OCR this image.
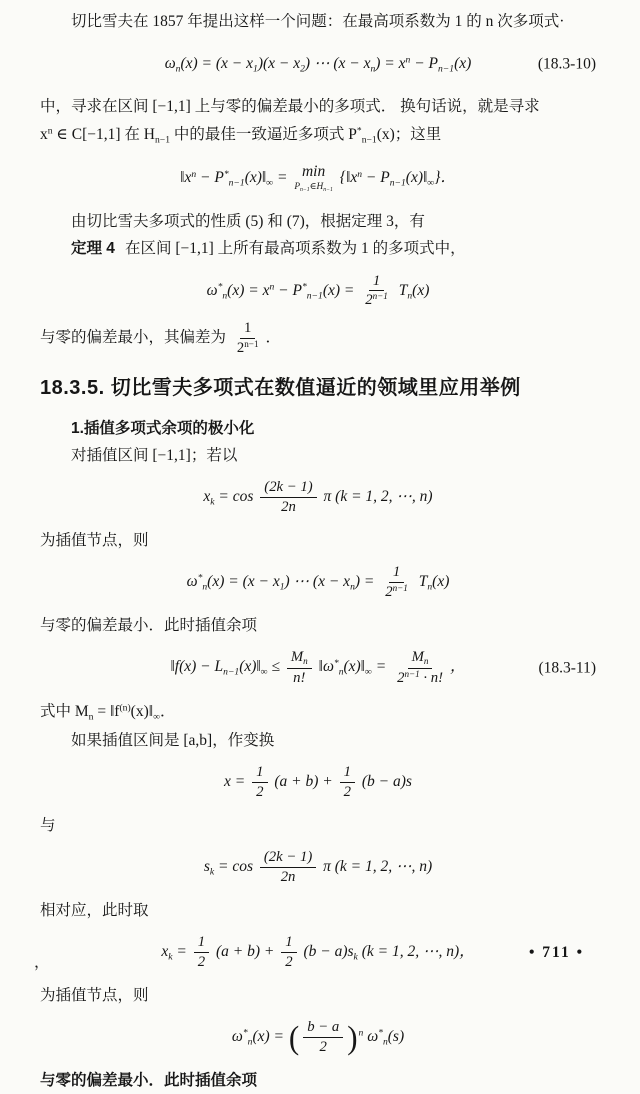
切比雪夫在 1857 年提出这样一个问题：在最高项系数为 1 的 n 次多项式·

$\omega_n(x) = (x - x_1)(x - x_2)$ ⋯ $(x - x_n) = x^n - P_{n-1}(x)$	(18.3-10)

中，寻求在区间 [−1,1] 上与零的偏差最小的多项式． 换句话说，就是寻求

$x^n$ ∈ C[−1,1] 在 $H_{n-1}$ 中的最佳一致逼近多项式 $P^*_{n-1}(x)$；这里

$‖x^n$ − $P^*_{n-1}(x)‖_\infty = \min$
$P_{n-1}\in H_{n-1}$
{$‖x^n$ − $P_{n-1}(x)‖_\infty$}．

由切比雪夫多项式的性质 (5) 和 (7)，根据定理 3，有

定理 4 在区间 [−1,1] 上所有最高项系数为 1 的多项式中，

$\omega^*_n(x) = x^n - P^*_{n-1}(x) = \frac{1}{2^{n-1}} T_n(x)$

与零的偏差最小，其偏差为 $\frac{1}{2^{n-1}}$ ．

18.3.5. 切比雪夫多项式在数值逼近的领域里应用举例

1.插值多项式余项的极小化

对插值区间 [−1,1]；若以

$x_k = \cos \frac{(2k - 1)}{2n}$ π (k = 1, 2, ⋯, n)

为插值节点，则

$\omega^*_n(x) = (x - x_1)$ ⋯ $(x - x_n) = \frac{1}{2^{n-1}} T_n(x)$

与零的偏差最小．此时插值余项

‖f(x) − $L_{n-1}(x)‖_\infty \le \frac{M_n}{n!}$ $‖\omega^*_n(x)‖_\infty = \frac{M_n}{2^{n-1} \cdot n!}$ ，	(18.3-11)

式中 $M_n$ = $‖f^{(n)}(x)‖_\infty$．

如果插值区间是 [a,b]，作变换

$x = \frac{1}{2} (a + b) + \frac{1}{2} (b - a)s$

与

$s_k = \cos \frac{(2k - 1)}{2n}$ π (k = 1, 2, ⋯, n)

相对应，此时取

，
$x_k = \frac{1}{2} (a + b) + \frac{1}{2} (b - a)s_k$ (k = 1, 2, ⋯, n)，

为插值节点，则

$\omega^*_n(x)$ = ( $\frac{b - a}{2}$ ) $^n$ $\omega^*_n(s)$

与零的偏差最小．此时插值余项

• 711 •
